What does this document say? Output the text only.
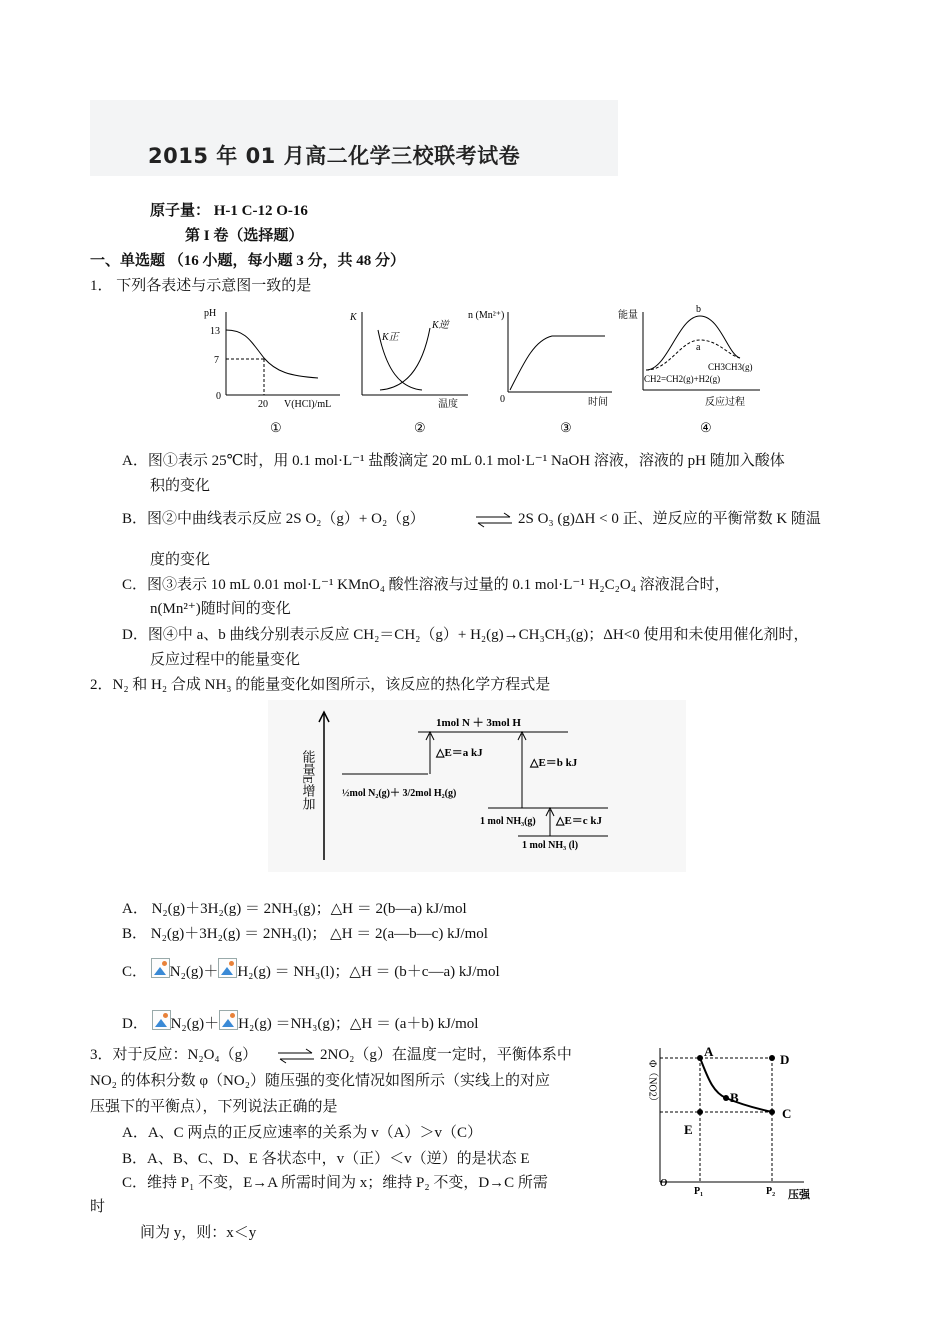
2015 年 01 月高二化学三校联考试卷
原子量： H-1 C-12 O-16
第 I 卷（选择题）
一、单选题 （16 小题，每小题 3 分，共 48 分）
1． 下列各表述与示意图一致的是
pH
13
7
0
20 V(HCl)/mL
①
K
K正
K逆
温度
②
n (Mn²⁺)
0	时间
③
能量
b
a
CH3CH3(g)
CH2=CH2(g)+H2(g)
反应过程
④
A．图①表示 25℃时，用 0.1 mol·L⁻¹ 盐酸滴定 20 mL 0.1 mol·L⁻¹ NaOH 溶液，溶液的 pH 随加入酸体
积的变化
B．图②中曲线表示反应 2S O₂（g）+ O₂（g）	⇌ 2S O₃ (g)ΔH < 0 正、逆反应的平衡常数 K 随温
度的变化
C．图③表示 10 mL 0.01 mol·L⁻¹ KMnO₄ 酸性溶液与过量的 0.1 mol·L⁻¹ H₂C₂O₄ 溶液混合时，
n(Mn²⁺)随时间的变化
D．图④中 a、b 曲线分别表示反应 CH₂＝CH₂（g）+ H₂(g)→CH₃CH₃(g)；ΔH<0 使用和未使用催化剂时，
反应过程中的能量变化
2．N₂ 和 H₂ 合成 NH₃ 的能量变化如图所示，该反应的热化学方程式是
能量E增加
1mol N ＋ 3mol H
△E＝a kJ
½mol N₂(g)＋ 3/2mol H₂(g)
△E＝b kJ
1 mol NH₃(g) △E＝c kJ
1 mol NH₃ (l)
A． N₂(g)＋3H₂(g) ＝ 2NH₃(g)；△H ＝ 2(b—a) kJ/mol
B． N₂(g)＋3H₂(g) ＝ 2NH₃(l)； △H ＝ 2(a—b—c) kJ/mol
C． N₂(g)＋ H₂(g) ＝ NH₃(l)；△H ＝ (b＋c—a) kJ/mol
D． N₂(g)＋ H₂(g) ＝NH₃(g)；△H ＝ (a＋b) kJ/mol
3．对于反应：N₂O₄（g） ⇌ 2NO₂（g）在温度一定时，平衡体系中
NO₂ 的体积分数 φ（NO₂）随压强的变化情况如图所示（实线上的对应
压强下的平衡点），下列说法正确的是
A．A、C 两点的正反应速率的关系为 v（A）＞v（C）
B．A、B、C、D、E 各状态中，v（正）＜v（逆）的是状态 E
C．维持 P₁ 不变，E→A 所需时间为 x；维持 P₂ 不变，D→C 所需
时
间为 y，则：x＜y
Φ（NO2）
A
B
C
D
E
O
P₁	P₂ 压强
